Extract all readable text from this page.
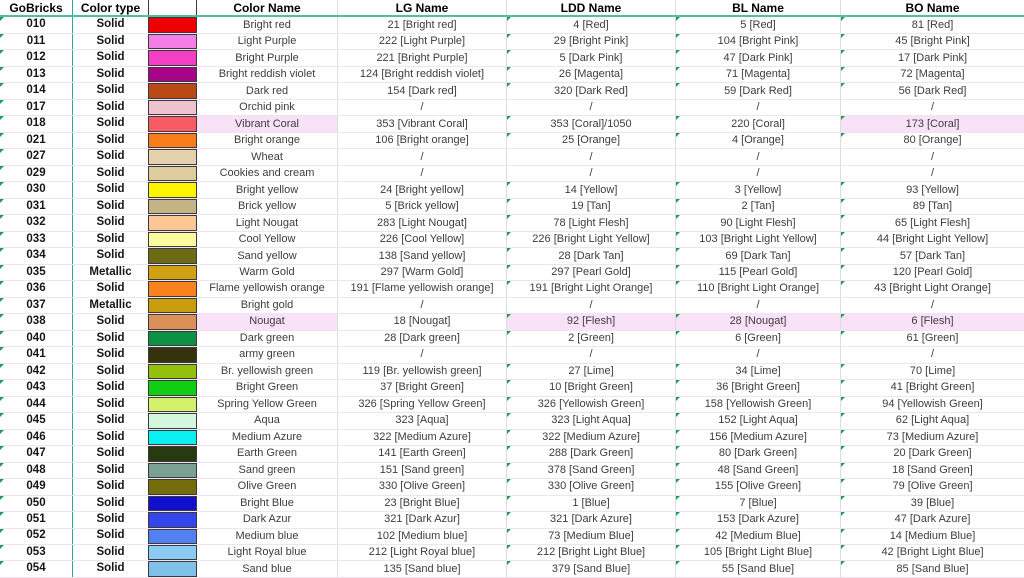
GoBricks	Color type	Color Name	LG Name	LDD Name	BL Name	BO Name
010	Solid	Bright red	21 [Bright red]	4 [Red]	5 [Red]	81 [Red]
011	Solid	Light Purple	222 [Light Purple]	29 [Bright Pink]	104 [Bright Pink]	45 [Bright Pink]
012	Solid	Bright Purple	221 [Bright Purple]	5 [Dark Pink]	47 [Dark Pink]	17 [Dark Pink]
013	Solid	Bright reddish violet	124 [Bright reddish violet]	26 [Magenta]	71 [Magenta]	72 [Magenta]
014	Solid	Dark red	154 [Dark red]	320 [Dark Red]	59 [Dark Red]	56 [Dark Red]
017	Solid	Orchid pink	/	/	/	/
018	Solid	Vibrant Coral	353 [Vibrant Coral]	353 [Coral]/1050	220 [Coral]	173 [Coral]
021	Solid	Bright orange	106 [Bright orange]	25 [Orange]	4 [Orange]	80 [Orange]
027	Solid	Wheat	/	/	/	/
029	Solid	Cookies and cream	/	/	/	/
030	Solid	Bright yellow	24 [Bright yellow]	14 [Yellow]	3 [Yellow]	93 [Yellow]
031	Solid	Brick yellow	5 [Brick yellow]	19 [Tan]	2 [Tan]	89 [Tan]
032	Solid	Light Nougat	283 [Light Nougat]	78 [Light Flesh]	90 [Light Flesh]	65 [Light Flesh]
033	Solid	Cool Yellow	226 [Cool Yellow]	226 [Bright Light Yellow]	103 [Bright Light Yellow]	44 [Bright Light Yellow]
034	Solid	Sand yellow	138 [Sand yellow]	28 [Dark Tan]	69 [Dark Tan]	57 [Dark Tan]
035	Metallic	Warm Gold	297 [Warm Gold]	297 [Pearl Gold]	115 [Pearl Gold]	120 [Pearl Gold]
036	Solid	Flame yellowish orange	191 [Flame yellowish orange]	191 [Bright Light Orange]	110 [Bright Light Orange]	43 [Bright Light Orange]
037	Metallic	Bright gold	/	/	/	/
038	Solid	Nougat	18 [Nougat]	92 [Flesh]	28 [Nougat]	6 [Flesh]
040	Solid	Dark green	28 [Dark green]	2 [Green]	6 [Green]	61 [Green]
041	Solid	army green	/	/	/	/
042	Solid	Br. yellowish green	119 [Br. yellowish green]	27 [Lime]	34 [Lime]	70 [Lime]
043	Solid	Bright Green	37 [Bright Green]	10 [Bright Green]	36 [Bright Green]	41 [Bright Green]
044	Solid	Spring Yellow Green	326 [Spring Yellow Green]	326 [Yellowish Green]	158 [Yellowish Green]	94 [Yellowish Green]
045	Solid	Aqua	323 [Aqua]	323 [Light Aqua]	152 [Light Aqua]	62 [Light Aqua]
046	Solid	Medium Azure	322 [Medium Azure]	322 [Medium Azure]	156 [Medium Azure]	73 [Medium Azure]
047	Solid	Earth Green	141 [Earth Green]	288 [Dark Green]	80 [Dark Green]	20 [Dark Green]
048	Solid	Sand green	151 [Sand green]	378 [Sand Green]	48 [Sand Green]	18 [Sand Green]
049	Solid	Olive Green	330 [Olive Green]	330 [Olive Green]	155 [Olive Green]	79 [Olive Green]
050	Solid	Bright Blue	23 [Bright Blue]	1 [Blue]	7 [Blue]	39 [Blue]
051	Solid	Dark Azur	321 [Dark Azur]	321 [Dark Azure]	153 [Dark Azure]	47 [Dark Azure]
052	Solid	Medium blue	102 [Medium blue]	73 [Medium Blue]	42 [Medium Blue]	14 [Medium Blue]
053	Solid	Light Royal blue	212 [Light Royal blue]	212 [Bright Light Blue]	105 [Bright Light Blue]	42 [Bright Light Blue]
054	Solid	Sand blue	135 [Sand blue]	379 [Sand Blue]	55 [Sand Blue]	85 [Sand Blue]
